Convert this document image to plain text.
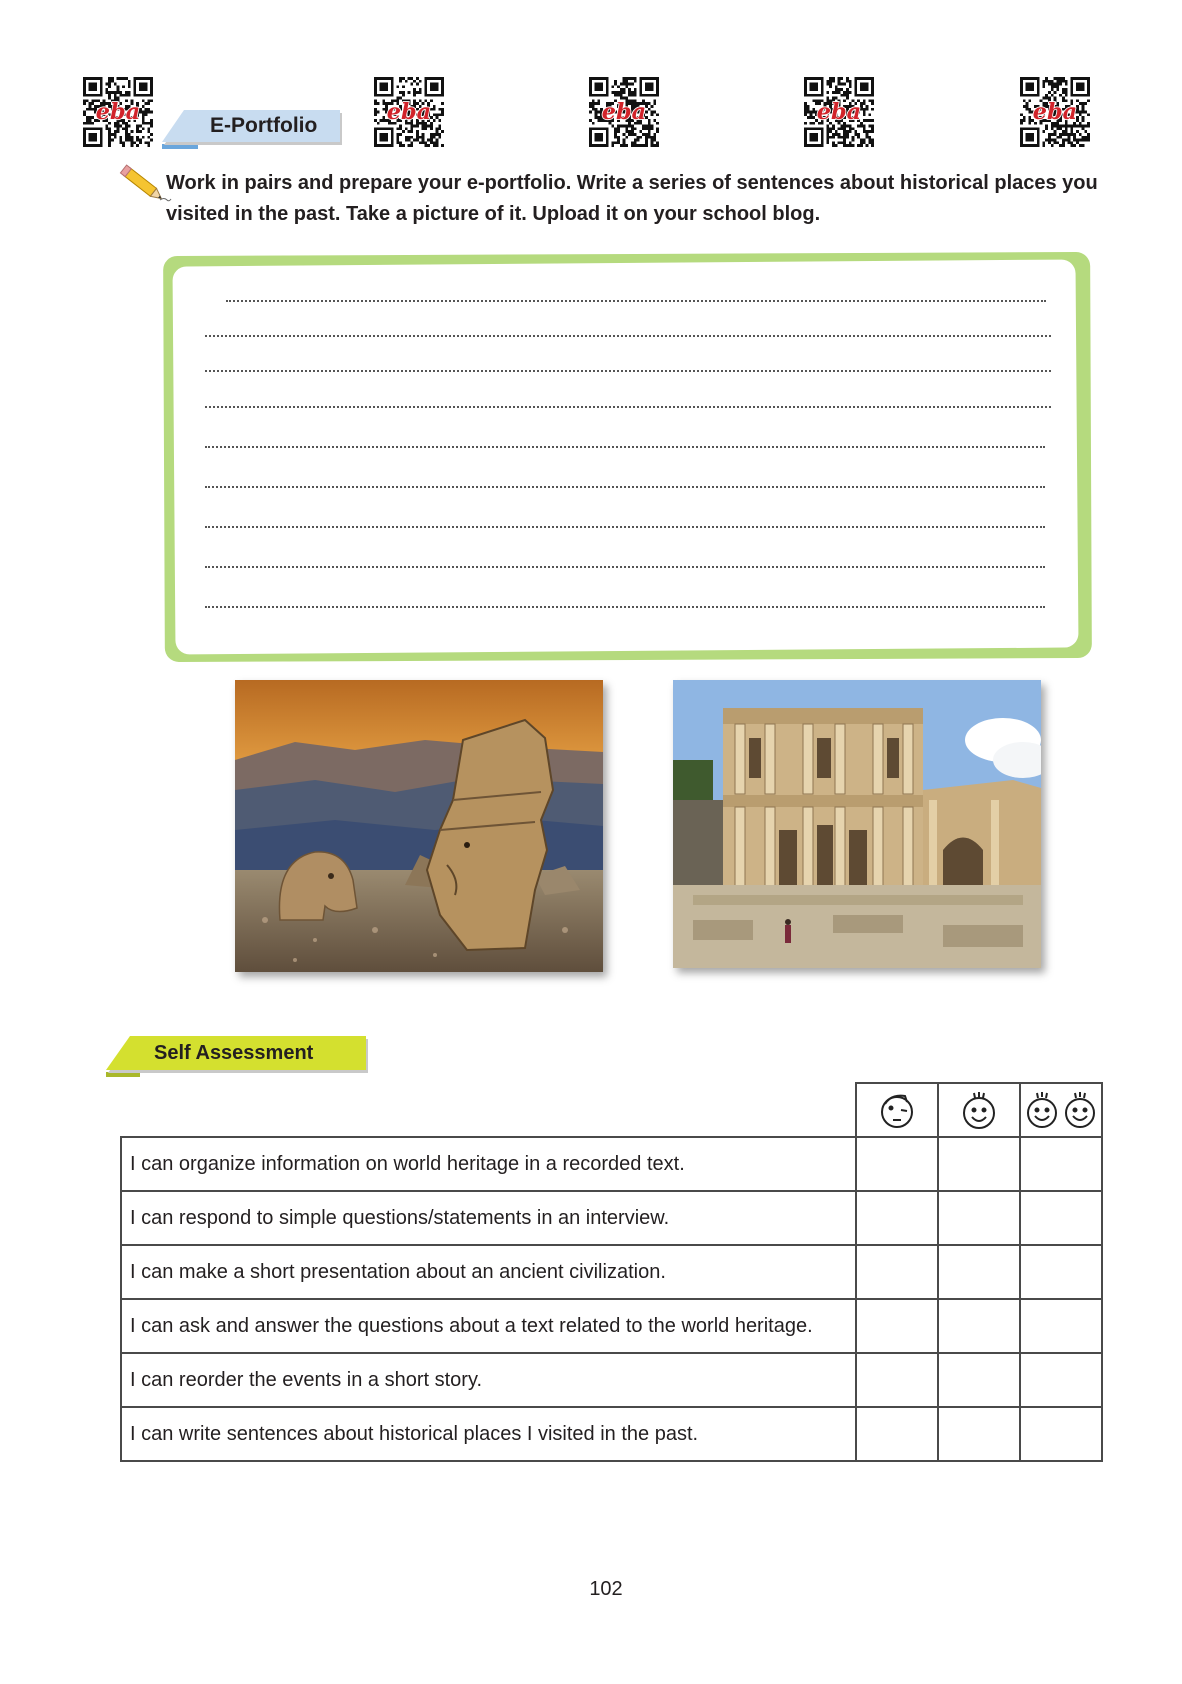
eba	eba	eba	eba	eba
E-Portfolio

Work in pairs and prepare your e-portfolio. Write a series of sentences about historical places you visited in the past. Take a picture of it. Upload it on your school blog.

Self Assessment

I can organize information on world heritage in a recorded text.			
I can respond to simple questions/statements in an interview.			
I can make a short presentation about an ancient civilization.			
I can ask and answer the questions about a text related to the world heritage.			
I can reorder the events in a short story.			
I can write sentences about historical places I visited in the past.			
102
